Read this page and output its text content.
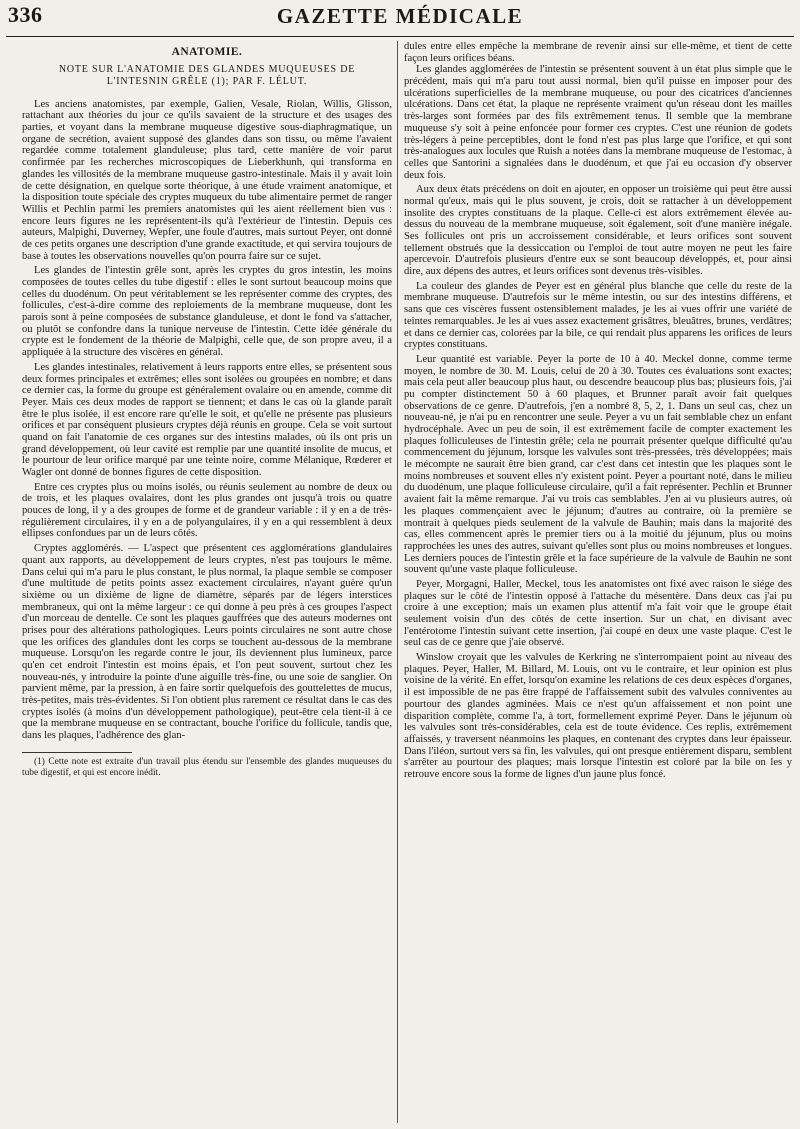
336	GAZETTE MÉDICALE
ANATOMIE.
NOTE SUR L'ANATOMIE DES GLANDES MUQUEUSES DE
L'INTESNIN GRÊLE (1); PAR F. LÉLUT.

Les anciens anatomistes, par exemple, Galien, Vesale, Riolan, Willis, Glisson, rattachant aux théories du jour ce qu'ils savaient de la structure et des usages des parties, et voyant dans la membrane muqueuse digestive sous-diaphragmatique, un organe de secrétion, avaient supposé des glandes dans son tissu, ou même l'avaient regardée comme totalement glanduleuse; plus tard, cette manière de voir parut confirmée par les recherches microscopiques de Lieberkhunh, qui transforma en glandes les villosités de la membrane muqueuse gastro-intestinale. Mais il y avait loin de cette désignation, en quelque sorte théorique, à une étude vraiment anatomique, et la disposition toute spéciale des cryptes muqueux du tube alimentaire permet de ranger Willis et Pechlin parmi les premiers anatomistes qui les aient réellement bien vus : encore leurs figures ne les représentent-ils qu'à l'extérieur de l'intestin. Depuis ces auteurs, Malpighi, Duverney, Wepfer, une foule d'autres, mais surtout Peyer, ont donné de ces petits organes une description d'une grande exactitude, et qui servira toujours de base à toutes les observations nouvelles qu'on pourra faire sur ce sujet.

Les glandes de l'intestin grêle sont, après les cryptes du gros intestin, les moins composées de toutes celles du tube digestif : elles le sont surtout beaucoup moins que celles du duodénum. On peut véritablement se les représenter comme des cryptes, des follicules, c'est-à-dire comme des reploiements de la membrane muqueuse, dont les parois sont à peine composées de substance glanduleuse, et dont le fond va s'attacher, ou plutôt se confondre dans la tunique nerveuse de l'intestin. Cette idée générale du crypte est le fondement de la théorie de Malpighi, celle que, de son propre aveu, il a appliquée à la structure des viscères en général.

Les glandes intestinales, relativement à leurs rapports entre elles, se présentent sous deux formes principales et extrêmes; elles sont isolées ou groupées en nombre; et dans ce dernier cas, la forme du groupe est généralement ovalaire ou en amende, comme dit Peyer. Mais ces deux modes de rapport se tiennent; et dans le cas où la glande paraît être le plus isolée, il est encore rare qu'elle le soit, et qu'elle ne présente pas plusieurs orifices et par conséquent plusieurs cryptes déjà réunis en groupe. Cela se voit surtout quand on fait l'anatomie de ces organes sur des intestins malades, où ils ont pris un grand développement, où leur cavité est remplie par une quantité insolite de mucus, et le pourtour de leur orifice marqué par une teinte noire, comme Mélanique, Rœderer et Wagler ont donné de bonnes figures de cette disposition.

Entre ces cryptes plus ou moins isolés, ou réunis seulement au nombre de deux ou de trois, et les plaques ovalaires, dont les plus grandes ont jusqu'à trois ou quatre pouces de long, il y a des groupes de forme et de grandeur variable : il y en a de très-régulièrement circulaires, il y en a de polyangulaires, il y en a qui ressemblent à deux ellipses confondues par un de leurs côtés.

Cryptes agglomérés. — L'aspect que présentent ces agglomérations glandulaires quant aux rapports, au développement de leurs cryptes, n'est pas toujours le même. Dans celui qui m'a paru le plus constant, le plus normal, la plaque semble se composer d'une multitude de petits points assez exactement circulaires, n'ayant guère qu'un sixième ou un dixième de ligne de diamètre, séparés par de légers interstices membraneux, qui ont la même largeur : ce qui donne à peu près à ces groupes l'aspect d'un morceau de dentelle. Ce sont les plaques gauffrées que des auteurs modernes ont prises pour des altérations pathologiques. Leurs points circulaires ne sont autre chose que les orifices des glandules dont les corps se touchent au-dessous de la membrane muqueuse. Lorsqu'on les regarde contre le jour, ils deviennent plus lumineux, parce qu'en cet endroit l'intestin est moins épais, et l'on peut souvent, surtout chez les nouveau-nés, y introduire la pointe d'une aiguille très-fine, ou une soie de sanglier. On parvient même, par la pression, à en faire sortir quelquefois des gouttelettes de mucus, très-petites, mais très-évidentes. Si l'on obtient plus rarement ce résultat dans le cas des cryptes isolés (à moins d'un développement pathologique), peut-être cela tient-il à ce que la membrane muqueuse en se contractant, bouche l'orifice du follicule, tandis que, dans les plaques, l'adhérence des glan-

(1) Cette note est extraite d'un travail plus étendu sur l'ensemble des glandes muqueuses du tube digestif, et qui est encore inédit.

dules entre elles empêche la membrane de revenir ainsi sur elle-même, et tient de cette façon leurs orifices béans.

Les glandes agglomérées de l'intestin se présentent souvent à un état plus simple que le précédent, mais qui m'a paru tout aussi normal, bien qu'il puisse en imposer pour des ulcérations superficielles de la membrane muqueuse, ou pour des cicatrices d'anciennes ulcérations. Dans cet état, la plaque ne représente vraiment qu'un réseau dont les mailles très-larges sont formées par des fils extrêmement tenus. Il semble que la membrane muqueuse s'y soit à peine enfoncée pour former ces cryptes. C'est une réunion de godets très-légers à peine perceptibles, dont le fond n'est pas plus large que l'orifice, et qui sont très-analogues aux locules que Ruish a notées dans la membrane muqueuse de l'estomac, à celles que Santorini a signalées dans le duodénum, et que j'ai eu occasion d'y observer deux fois.

Aux deux états précédens on doit en ajouter, en opposer un troisième qui peut être aussi normal qu'eux, mais qui le plus souvent, je crois, doit se rattacher à un développement insolite des cryptes constituans de la plaque. Celle-ci est alors extrêmement élevée au-dessus du nouveau de la membrane muqueuse, soit également, soit d'une manière inégale. Ses follicules ont pris un accroissement considérable, et leurs orifices sont souvent tellement obstrués que la dessiccation ou l'emploi de tout autre moyen ne peut les faire apercevoir. D'autrefois plusieurs d'entre eux se sont beaucoup développés, et, pour ainsi dire, aux dépens des autres, et leurs orifices sont devenus très-visibles.

La couleur des glandes de Peyer est en général plus blanche que celle du reste de la membrane muqueuse. D'autrefois sur le même intestin, ou sur des intestins différens, et sans que ces viscères fussent ostensiblement malades, je les ai vues offrir une variété de teintes remarquables. Je les ai vues assez exactement grisâtres, bleuâtres, brunes, verdâtres; et dans ce dernier cas, colorées par la bile, ce qui rendait plus apparens les orifices de leurs cryptes constituans.

Leur quantité est variable. Peyer la porte de 10 à 40. Meckel donne, comme terme moyen, le nombre de 30. M. Louis, celui de 20 à 30. Toutes ces évaluations sont exactes; mais cela peut aller beaucoup plus haut, ou descendre beaucoup plus bas; plusieurs fois, j'ai pu compter distinctement 50 à 60 plaques, et Brunner paraît avoir fait quelques observations de ce genre. D'autrefois, j'en a nombré 8, 5, 2, 1. Dans un seul cas, chez un nouveau-né, je n'ai pu en rencontrer une seule. Peyer a vu un fait semblable chez un enfant hydrocéphale. Avec un peu de soin, il est extrêmement facile de compter exactement les plaques folliculeuses de l'intestin grêle; cela ne pourrait présenter quelque difficulté qu'au commencement du jéjunum, lorsque les valvules sont très-pressées, très développées; mais le mécompte ne saurait être bien grand, car c'est dans cet intestin que les plaques sont le moins nombreuses et souvent elles n'y existent point. Peyer a pourtant noté, dans le milieu du duodénum, une plaque folliculeuse circulaire, qu'il a fait représenter. Pechlin et Brunner avaient fait la même remarque. J'ai vu trois cas semblables. J'en ai vu plusieurs autres, où les plaques commençaient avec le jéjunum; d'autres au contraire, où la première se montrait à quelques pieds seulement de la valvule de Bauhin; mais dans la majorité des cas, elles commencent après le premier tiers ou à la moitié du jéjunum, plus ou moins rapprochées les unes des autres, suivant qu'elles sont plus ou moins nombreuses et longues. Les derniers pouces de l'intestin grêle et la face supérieure de la valvule de Bauhin ne sont souvent qu'une vaste plaque folliculeuse.

Peyer, Morgagni, Haller, Meckel, tous les anatomistes ont fixé avec raison le siége des plaques sur le côté de l'intestin opposé à l'attache du mésentère. Dans deux cas j'ai pu croire à une exception; mais un examen plus attentif m'a fait voir que le groupe était seulement voisin d'un des côtés de cette insertion. Sur un chat, en divisant avec l'entérotome l'intestin suivant cette insertion, j'ai coupé en deux une vaste plaque. C'est le seul cas de ce genre que j'aie observé.

Winslow croyait que les valvules de Kerkring ne s'interrompaient point au niveau des plaques. Peyer, Haller, M. Billard, M. Louis, ont vu le contraire, et leur opinion est plus voisine de la vérité. En effet, lorsqu'on examine les relations de ces deux espèces d'organes, il est impossible de ne pas être frappé de l'affaissement subit des valvules conniventes au pourtour des glandes agminées. Mais ce n'est qu'un affaissement et non point une disparition complète, comme l'a, à tort, formellement exprimé Peyer. Dans le jéjunum où les valvules sont très-considérables, cela est de toute évidence. Ces replis, extrêmement affaissés, y traversent néanmoins les plaques, en contenant des cryptes dans leur épaisseur. Dans l'iléon, surtout vers sa fin, les valvules, qui ont presque entièrement disparu, semblent s'arrêter au pourtour des plaques; mais lorsque l'intestin est coloré par la bile on les y retrouve encore sous la forme de lignes d'un jaune plus foncé.
